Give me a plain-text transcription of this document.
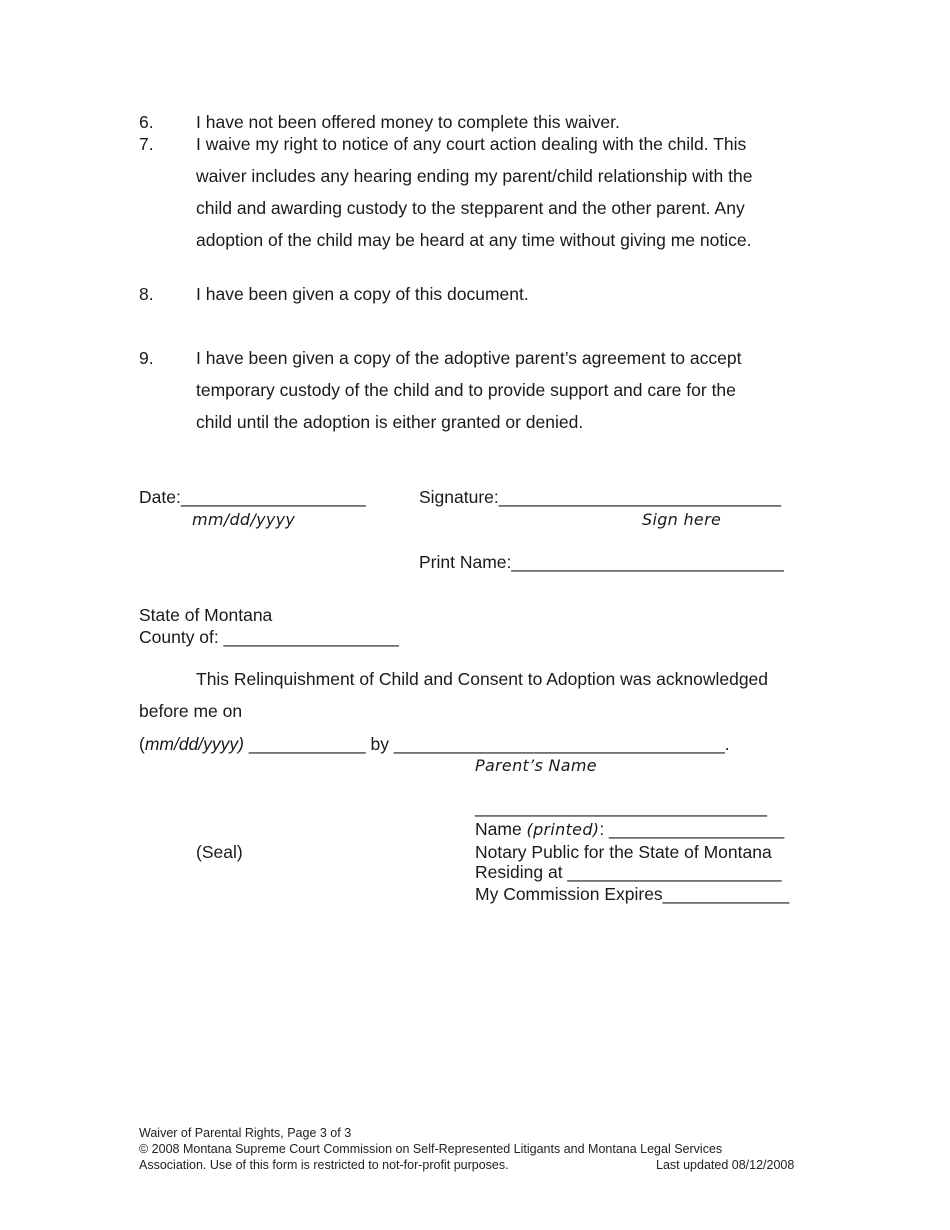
6. I have not been offered money to complete this waiver.
7. I waive my right to notice of any court action dealing with the child. This
waiver includes any hearing ending my parent/child relationship with the
child and awarding custody to the stepparent and the other parent. Any
adoption of the child may be heard at any time without giving me notice.
8. I have been given a copy of this document.
9. I have been given a copy of the adoptive parent’s agreement to accept
temporary custody of the child and to provide support and care for the
child until the adoption is either granted or denied.
Date:___________________
mm/dd/yyyy
Signature:_____________________________
Sign here
Print Name:____________________________
State of Montana
County of: __________________
This Relinquishment of Child and Consent to Adoption was acknowledged
before me on
(mm/dd/yyyy) ____________ by __________________________________.
Parent’s Name
______________________________
Name (printed): __________________
(Seal)	Notary Public for the State of Montana
Residing at ______________________
My Commission Expires_____________
Waiver of Parental Rights, Page 3 of 3
© 2008 Montana Supreme Court Commission on Self-Represented Litigants and Montana Legal Services
Association. Use of this form is restricted to not-for-profit purposes.	Last updated 08/12/2008
